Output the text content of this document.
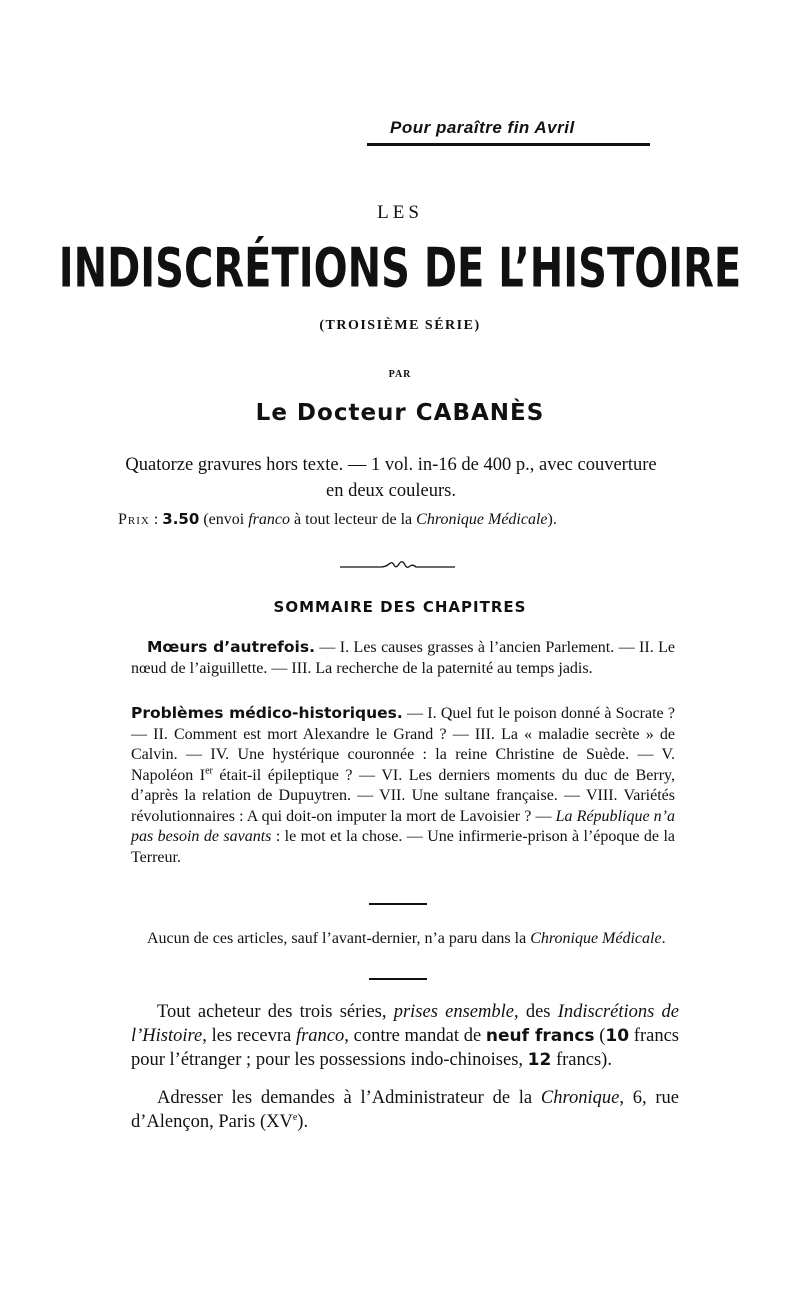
Pour paraître fin Avril
LES
INDISCRÉTIONS DE L’HISTOIRE
(TROISIÈME SÉRIE)
PAR
Le Docteur CABANÈS
Quatorze gravures hors texte. — 1 vol. in-16 de 400 p., avec couverture en deux couleurs.
Prix : 3.50 (envoi franco à tout lecteur de la Chronique Médicale).
SOMMAIRE DES CHAPITRES
Mœurs d’autrefois. — I. Les causes grasses à l’ancien Parlement. — II. Le nœud de l’aiguillette. — III. La recherche de la paternité au temps jadis.
Problèmes médico-historiques. — I. Quel fut le poison donné à Socrate ? — II. Comment est mort Alexandre le Grand ? — III. La « maladie secrète » de Calvin. — IV. Une hystérique couronnée : la reine Christine de Suède. — V. Napoléon Ier était-il épileptique ? — VI. Les derniers moments du duc de Berry, d’après la relation de Dupuytren. — VII. Une sultane française. — VIII. Variétés révolutionnaires : A qui doit-on imputer la mort de Lavoisier ? — La République n’a pas besoin de savants : le mot et la chose. — Une infirmerie-prison à l’époque de la Terreur.
Aucun de ces articles, sauf l’avant-dernier, n’a paru dans la Chronique Médicale.
Tout acheteur des trois séries, prises ensemble, des Indiscrétions de l’Histoire, les recevra franco, contre mandat de neuf francs (10 francs pour l’étranger ; pour les possessions indo-chinoises, 12 francs).
Adresser les demandes à l’Administrateur de la Chronique, 6, rue d’Alençon, Paris (XVe).
